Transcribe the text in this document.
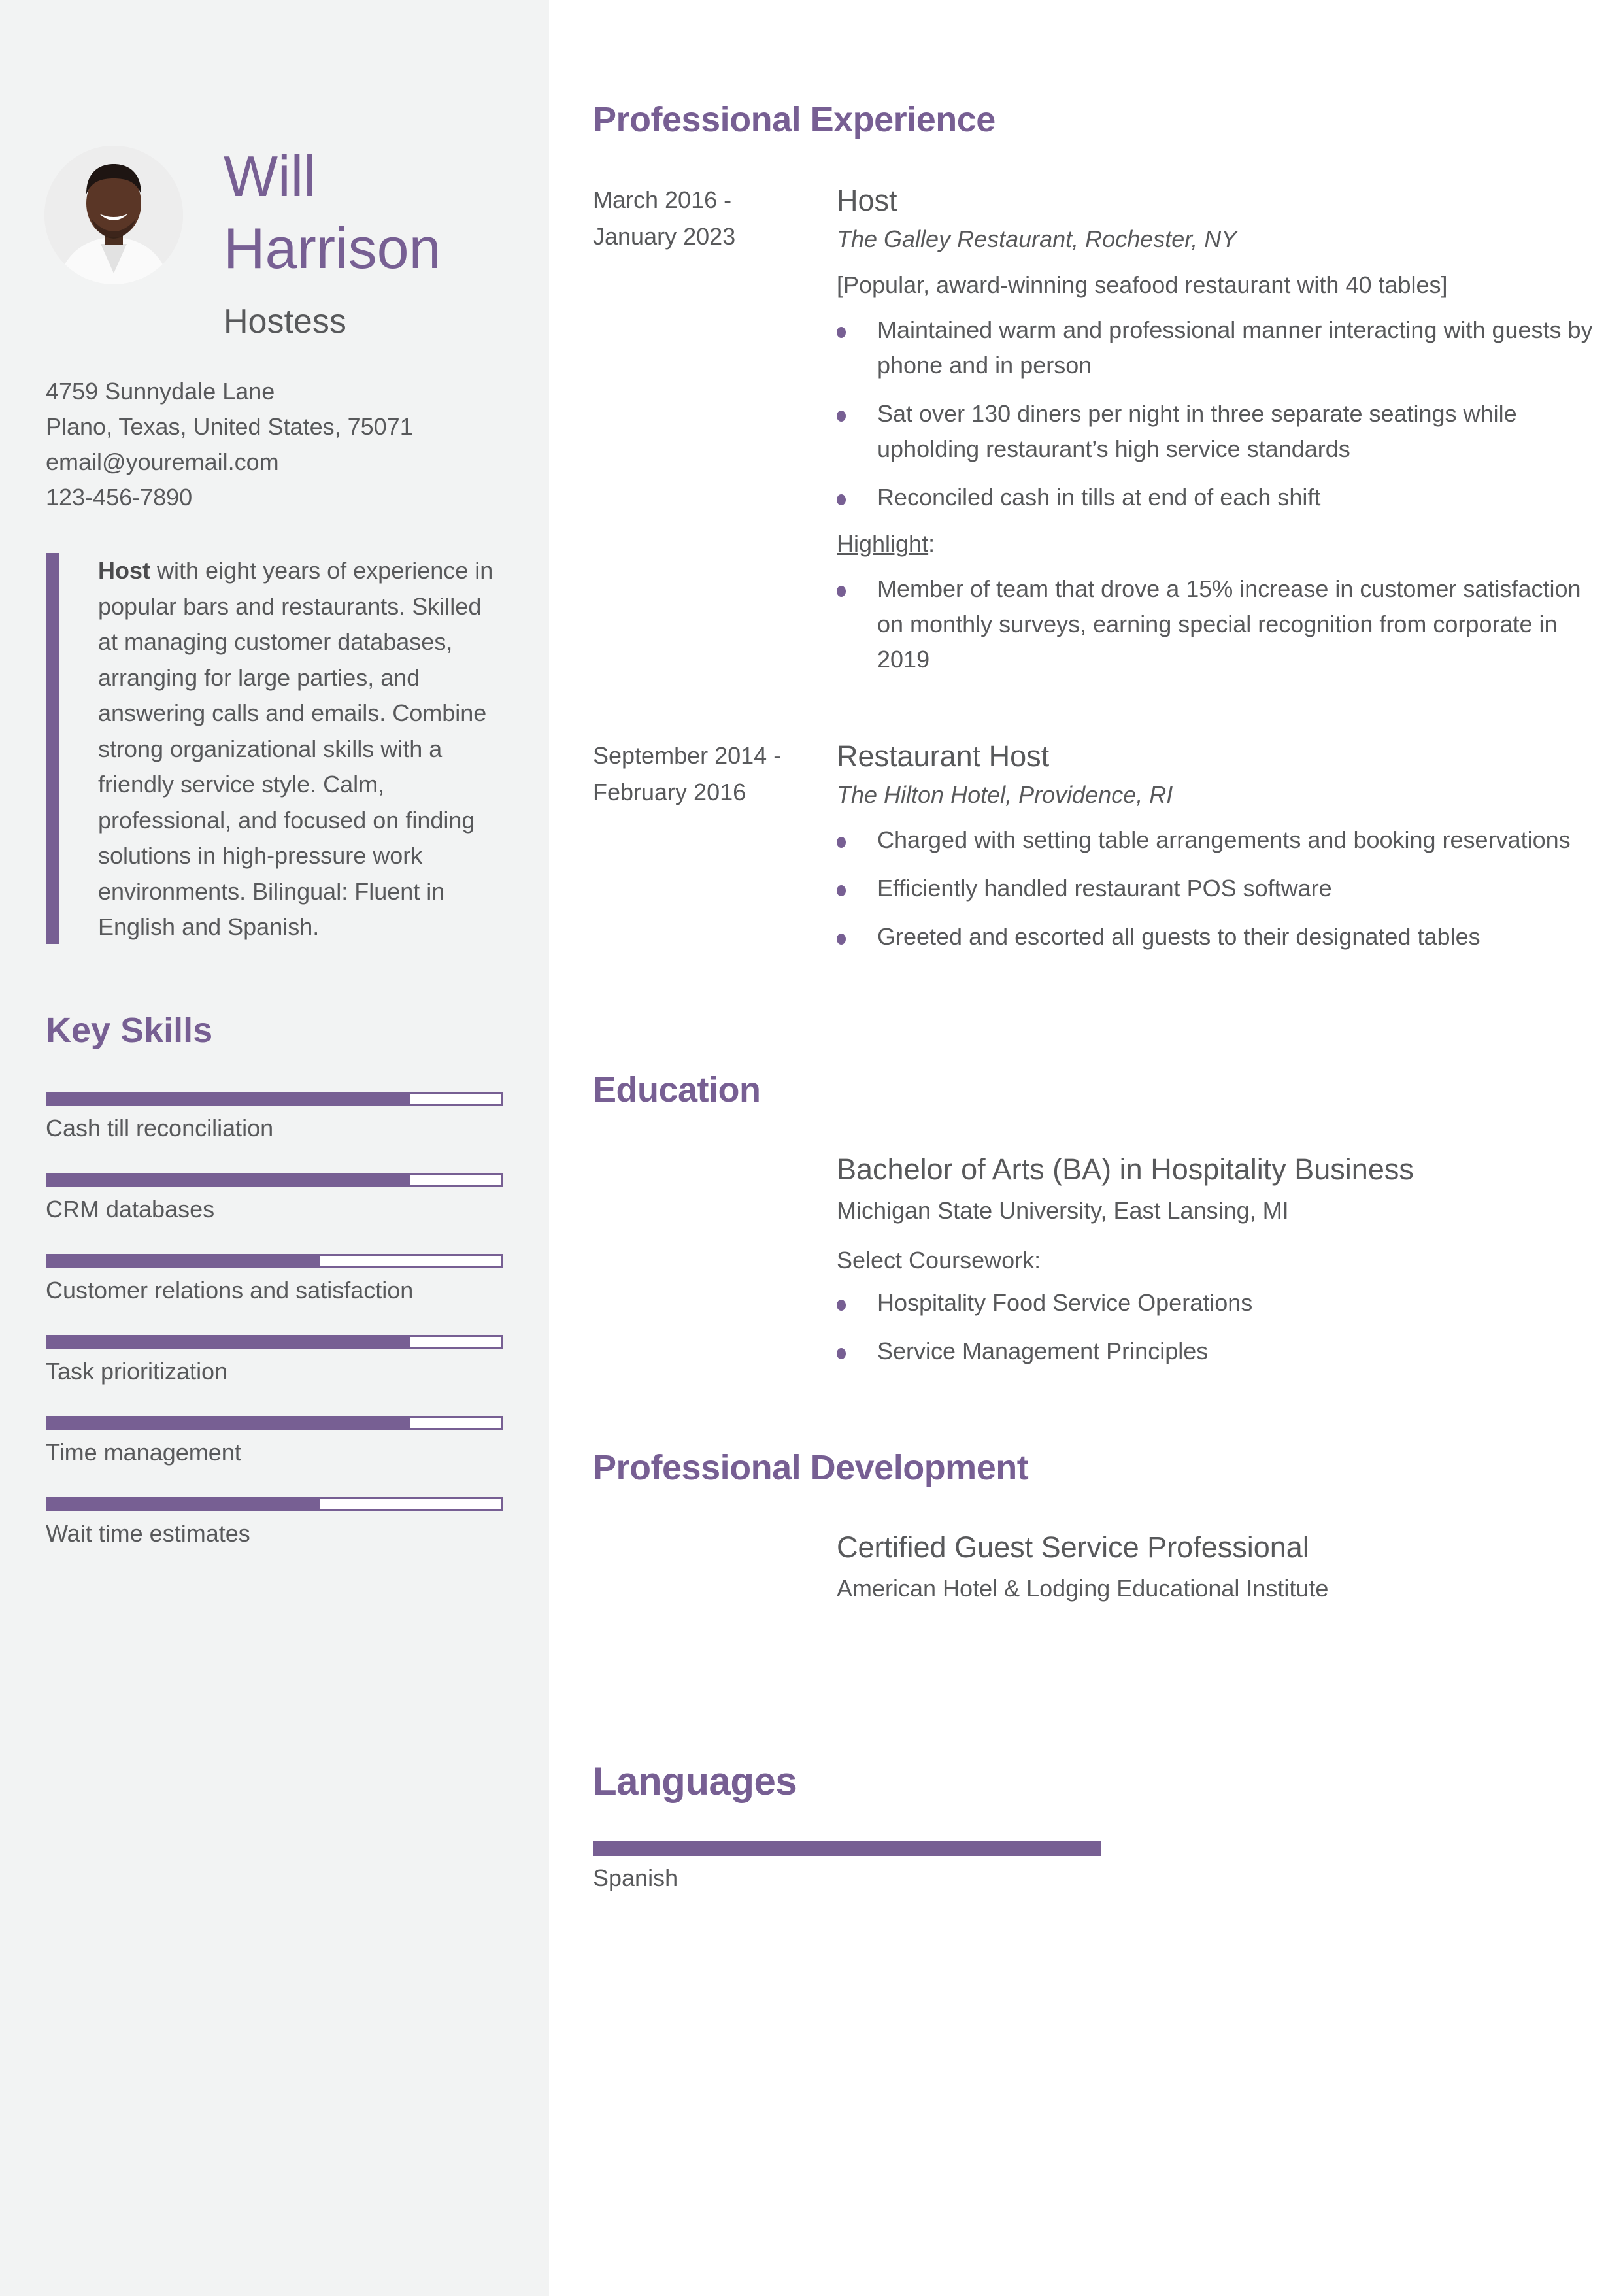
Will
Harrison
Hostess
4759 Sunnydale Lane
Plano, Texas, United States, 75071
email@youremail.com
123-456-7890
Host with eight years of experience in popular bars and restaurants. Skilled at managing customer databases, arranging for large parties, and answering calls and emails. Combine strong organizational skills with a friendly service style. Calm, professional, and focused on finding solutions in high-pressure work environments. Bilingual: Fluent in English and Spanish.
Key Skills
Cash till reconciliation
CRM databases
Customer relations and satisfaction
Task prioritization
Time management
Wait time estimates
Professional Experience
March 2016 -
January 2023
Host
The Galley Restaurant, Rochester, NY
[Popular, award-winning seafood restaurant with 40 tables]
Maintained warm and professional manner interacting with guests by phone and in person
Sat over 130 diners per night in three separate seatings while upholding restaurant’s high service standards
Reconciled cash in tills at end of each shift
Highlight:
Member of team that drove a 15% increase in customer satisfaction on monthly surveys, earning special recognition from corporate in 2019
September 2014 -
February 2016
Restaurant Host
The Hilton Hotel, Providence, RI
Charged with setting table arrangements and booking reservations
Efficiently handled restaurant POS software
Greeted and escorted all guests to their designated tables
Education
Bachelor of Arts (BA) in Hospitality Business
Michigan State University, East Lansing, MI
Select Coursework:
Hospitality Food Service Operations
Service Management Principles
Professional Development
Certified Guest Service Professional
American Hotel & Lodging Educational Institute
Languages
Spanish
